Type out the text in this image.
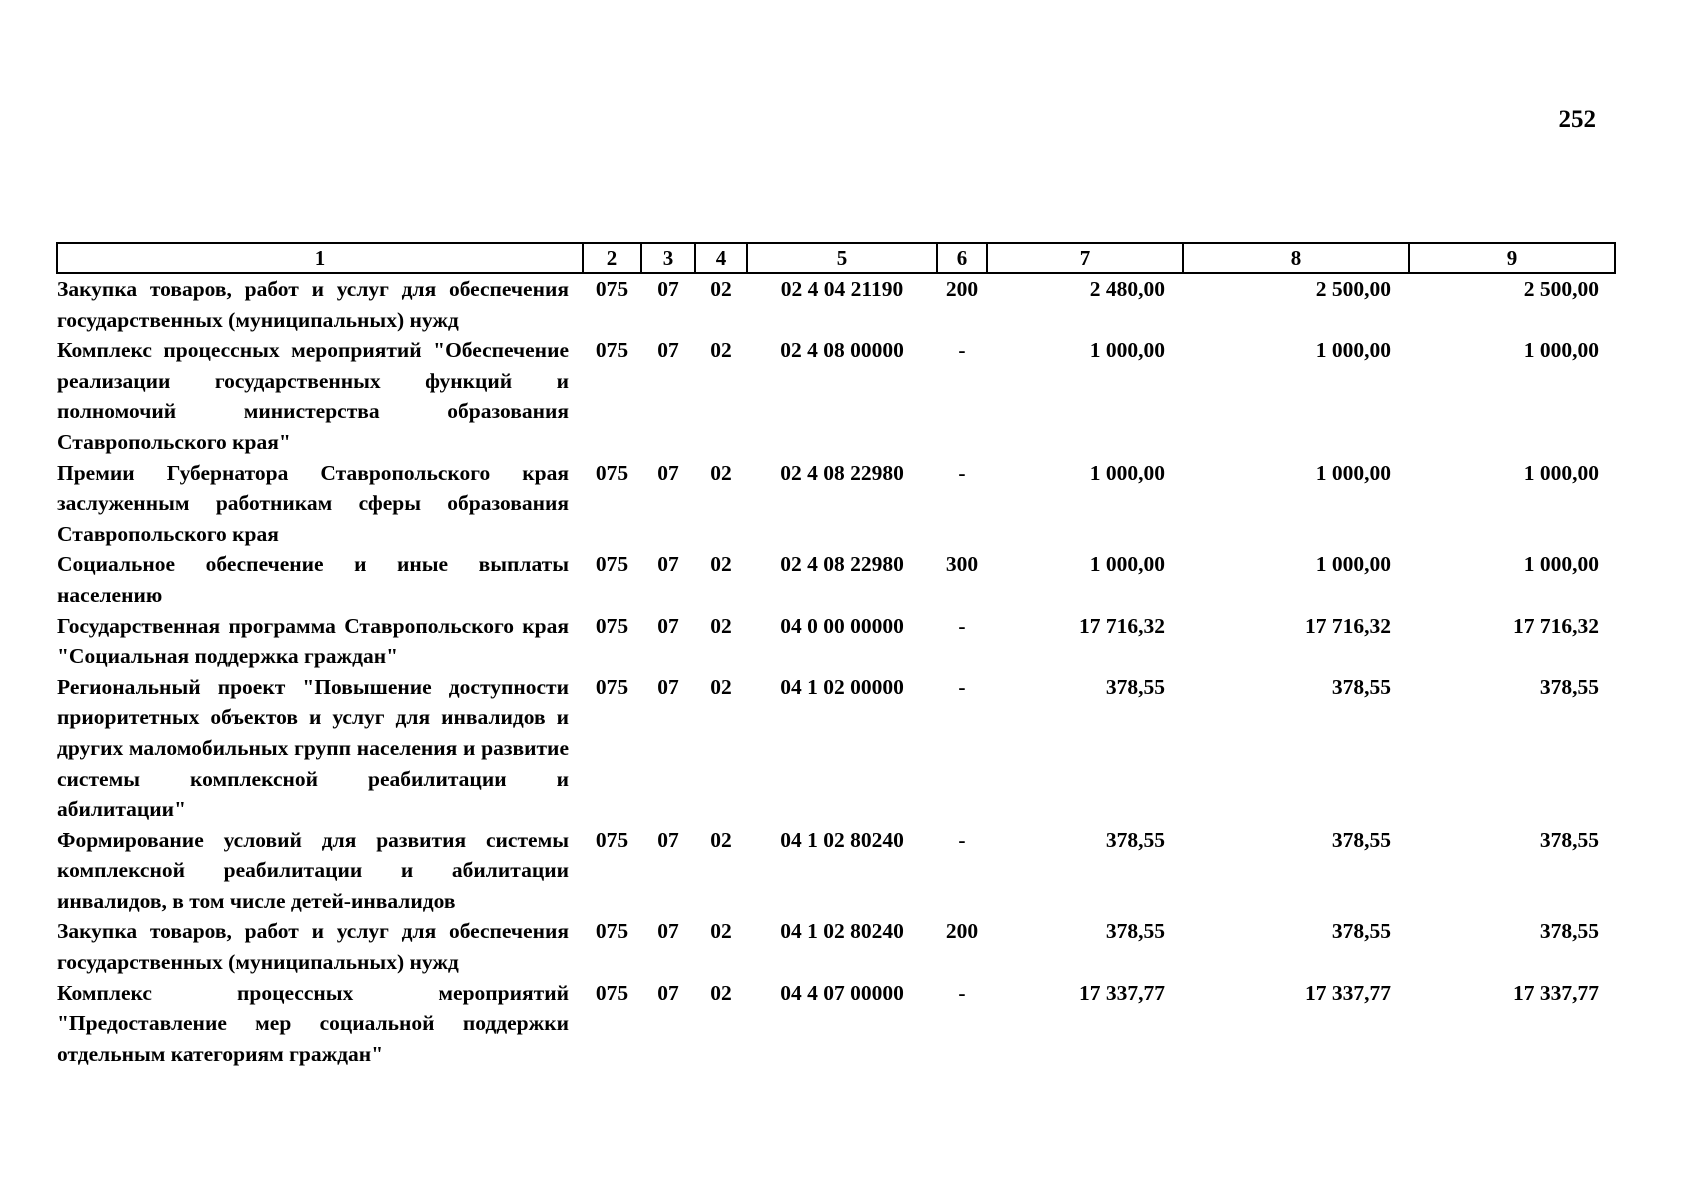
252
1	2	3	4	5	6	7	8	9
Закупка товаров, работ и услуг для обеспечения государственных (муниципальных) нужд	075	07	02	02 4 04 21190	200	2 480,00	2 500,00	2 500,00
Комплекс процессных мероприятий "Обеспечение реализации государственных функций и полномочий министерства образования Ставропольского края"	075	07	02	02 4 08 00000	-	1 000,00	1 000,00	1 000,00
Премии Губернатора Ставропольского края заслуженным работникам сферы образования Ставропольского края	075	07	02	02 4 08 22980	-	1 000,00	1 000,00	1 000,00
Социальное обеспечение и иные выплаты населению	075	07	02	02 4 08 22980	300	1 000,00	1 000,00	1 000,00
Государственная программа Ставропольского края "Социальная поддержка граждан"	075	07	02	04 0 00 00000	-	17 716,32	17 716,32	17 716,32
Региональный проект "Повышение доступности приоритетных объектов и услуг для инвалидов и других маломобильных групп населения и развитие системы комплексной реабилитации и абилитации"	075	07	02	04 1 02 00000	-	378,55	378,55	378,55
Формирование условий для развития системы комплексной реабилитации и абилитации инвалидов, в том числе детей-инвалидов	075	07	02	04 1 02 80240	-	378,55	378,55	378,55
Закупка товаров, работ и услуг для обеспечения государственных (муниципальных) нужд	075	07	02	04 1 02 80240	200	378,55	378,55	378,55
Комплекс процессных мероприятий "Предоставление мер социальной поддержки отдельным категориям граждан"	075	07	02	04 4 07 00000	-	17 337,77	17 337,77	17 337,77
